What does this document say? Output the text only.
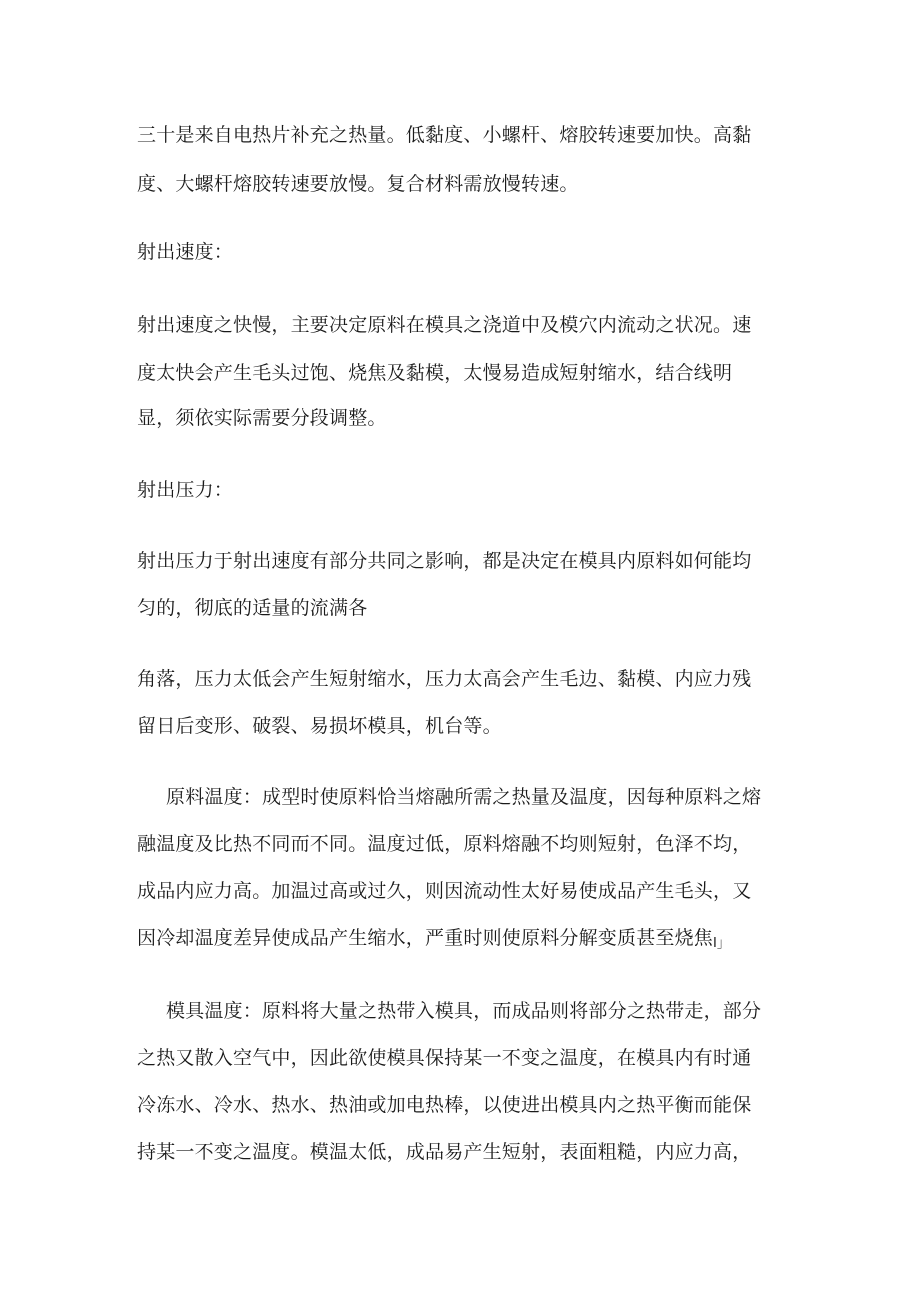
三十是来自电热片补充之热量。低黏度、小螺杆、熔胶转速要加快。高黏
度、大螺杆熔胶转速要放慢。复合材料需放慢转速。
射出速度：
射出速度之快慢，主要决定原料在模具之浇道中及模穴内流动之状况。速
度太快会产生毛头过饱、烧焦及黏模，太慢易造成短射缩水，结合线明
显，须依实际需要分段调整。
射出压力：
射出压力于射出速度有部分共同之影响，都是决定在模具内原料如何能均
匀的，彻底的适量的流满各
角落，压力太低会产生短射缩水，压力太高会产生毛边、黏模、内应力残
留日后变形、破裂、易损坏模具，机台等。
原料温度：成型时使原料恰当熔融所需之热量及温度，因每种原料之熔
融温度及比热不同而不同。温度过低，原料熔融不均则短射，色泽不均，
成品内应力高。加温过高或过久，则因流动性太好易使成品产生毛头，又
因冷却温度差异使成品产生缩水，严重时则使原料分解变质甚至烧焦I」
模具温度：原料将大量之热带入模具，而成品则将部分之热带走，部分
之热又散入空气中，因此欲使模具保持某一不变之温度，在模具内有时通
冷冻水、冷水、热水、热油或加电热棒，以使进出模具内之热平衡而能保
持某一不变之温度。模温太低，成品易产生短射，表面粗糙，内应力高，
